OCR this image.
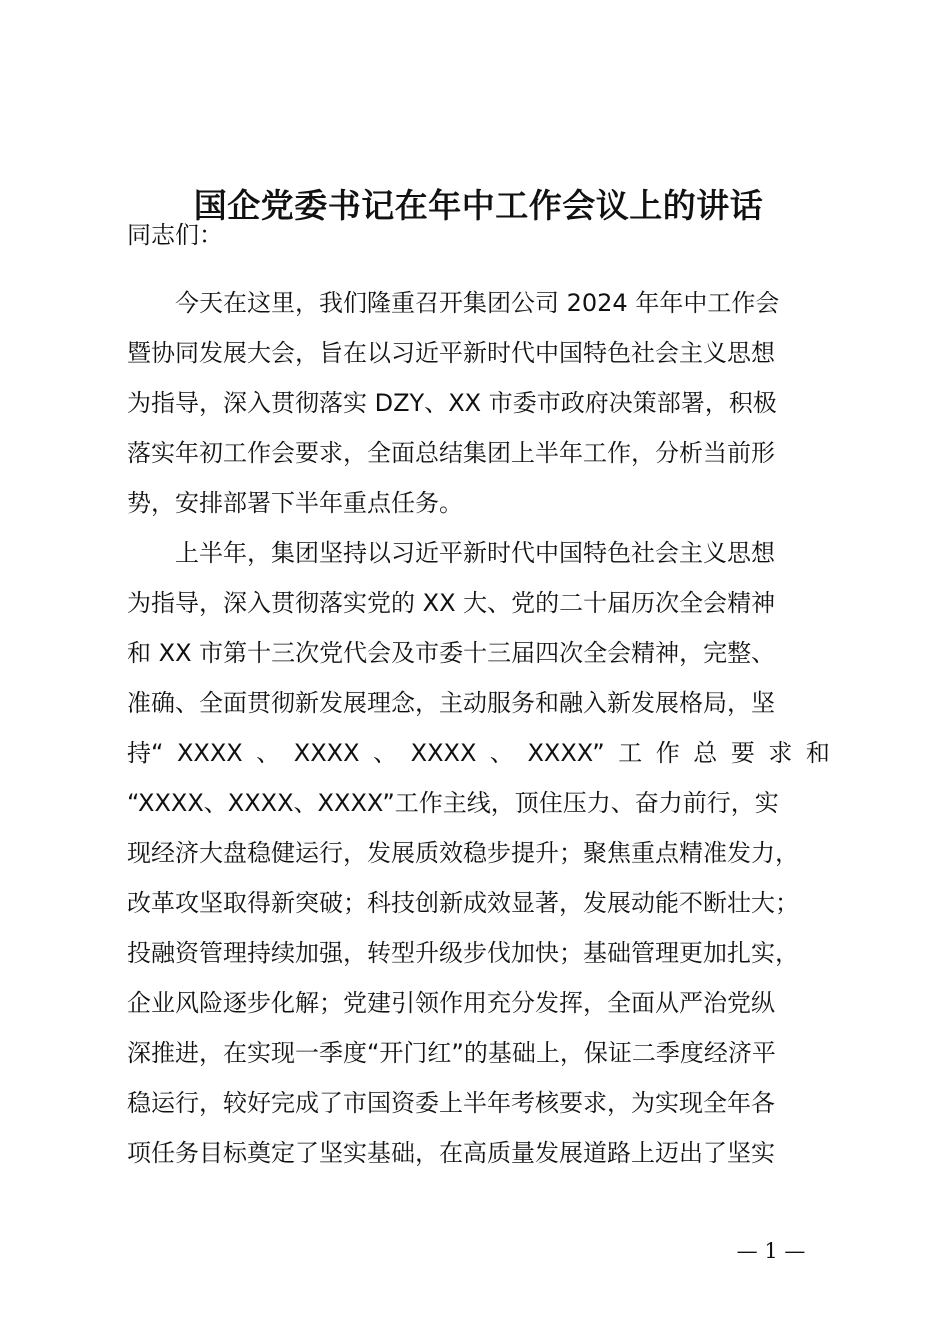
国企党委书记在年中工作会议上的讲话
同志们：
今天在这里，我们隆重召开集团公司 2024 年年中工作会
暨协同发展大会，旨在以习近平新时代中国特色社会主义思想
为指导，深入贯彻落实 DZY、XX 市委市政府决策部署，积极
落实年初工作会要求，全面总结集团上半年工作，分析当前形
势，安排部署下半年重点任务。
上半年，集团坚持以习近平新时代中国特色社会主义思想
为指导，深入贯彻落实党的 XX 大、党的二十届历次全会精神
和 XX 市第十三次党代会及市委十三届四次全会精神，完整、
准确、全面贯彻新发展理念，主动服务和融入新发展格局，坚
持“ XXXX 、 XXXX 、 XXXX 、 XXXX” 工 作 总 要 求 和
“XXXX、XXXX、XXXX”工作主线，顶住压力、奋力前行，实
现经济大盘稳健运行，发展质效稳步提升；聚焦重点精准发力，
改革攻坚取得新突破；科技创新成效显著，发展动能不断壮大；
投融资管理持续加强，转型升级步伐加快；基础管理更加扎实，
企业风险逐步化解；党建引领作用充分发挥，全面从严治党纵
深推进，在实现一季度“开门红”的基础上，保证二季度经济平
稳运行，较好完成了市国资委上半年考核要求，为实现全年各
项任务目标奠定了坚实基础，在高质量发展道路上迈出了坚实
— 1 —
